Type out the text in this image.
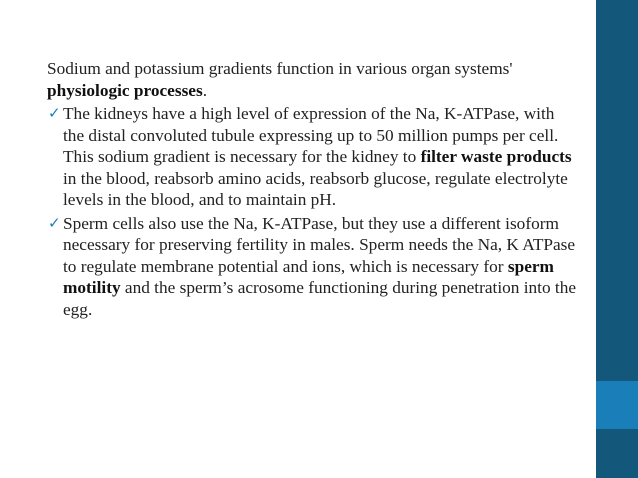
Sodium and potassium gradients function in various organ systems' physiologic processes.

✓ The kidneys have a high level of expression of the Na, K-ATPase, with the distal convoluted tubule expressing up to 50 million pumps per cell. This sodium gradient is necessary for the kidney to filter waste products in the blood, reabsorb amino acids, reabsorb glucose, regulate electrolyte levels in the blood, and to maintain pH.
✓ Sperm cells also use the Na, K-ATPase, but they use a different isoform necessary for preserving fertility in males. Sperm needs the Na, K ATPase to regulate membrane potential and ions, which is necessary for sperm motility and the sperm’s acrosome functioning during penetration into the egg.
